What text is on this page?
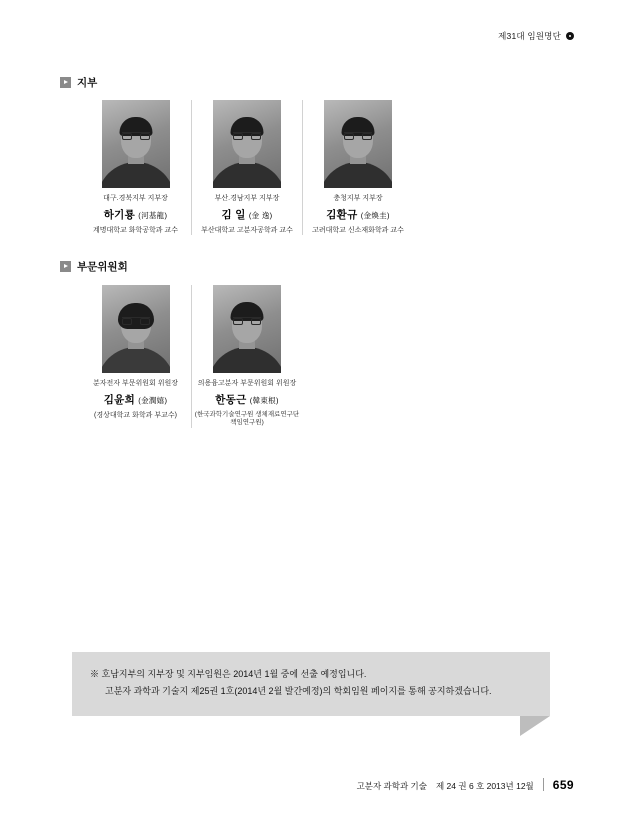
제31대 임원명단
지부
대구.경북지부 지부장
하기룡 (河基龍)
계명대학교 화학공학과 교수
부산.경남지부 지부장
김 일 (金 逸)
부산대학교 고분자공학과 교수
충청지부 지부장
김환규 (金煥圭)
고려대학교 신소재화학과 교수
부문위원회
분자전자 부문위원회 위원장
김윤희 (金潤嬉)
(경상대학교 화학과 부교수)
의용융고분자 부문위원회 위원장
한동근 (韓東根)
(한국과학기술연구원 생체재료연구단 책임연구원)
※ 호남지부의 지부장 및 지부임원은 2014년 1월 중에 선출 예정입니다.
고분자 과학과 기술지 제25권 1호(2014년 2월 발간예정)의 학회임원 페이지를 통해 공지하겠습니다.
고분자 과학과 기술 제 24 권 6 호 2013년 12월 659
